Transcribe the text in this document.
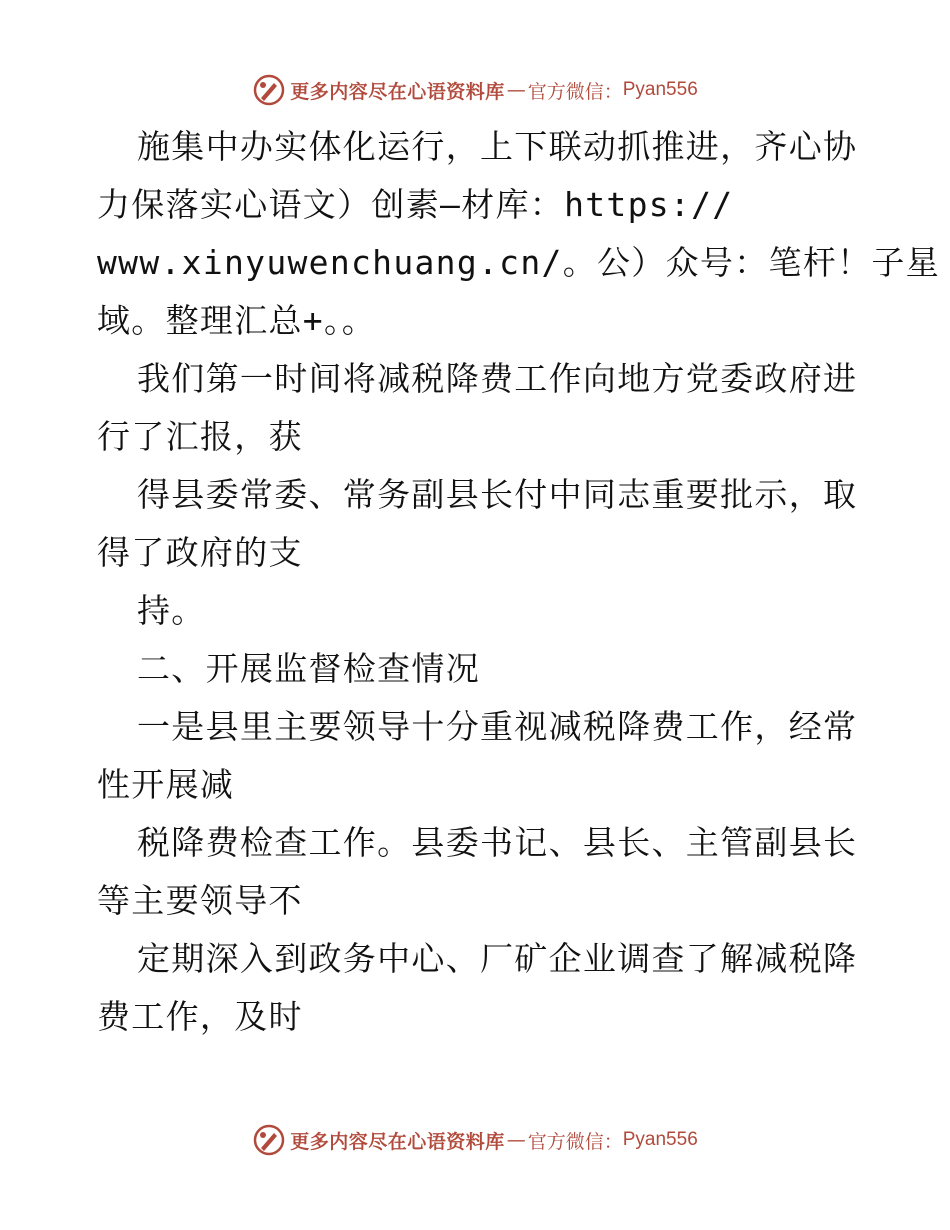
更多内容尽在心语资料库 — 官方微信： Pyan556
施集中办实体化运行，上下联动抓推进，齐心协
力保落实心语文）创素—材库：https://
www.xinyuwenchuang.cn/。公）众号：笔杆！子星
域。整理汇总+。。
我们第一时间将减税降费工作向地方党委政府进
行了汇报，获
得县委常委、常务副县长付中同志重要批示，取
得了政府的支
持。
二、开展监督检查情况
一是县里主要领导十分重视减税降费工作，经常
性开展减
税降费检查工作。县委书记、县长、主管副县长
等主要领导不
定期深入到政务中心、厂矿企业调查了解减税降
费工作，及时
更多内容尽在心语资料库 — 官方微信： Pyan556
